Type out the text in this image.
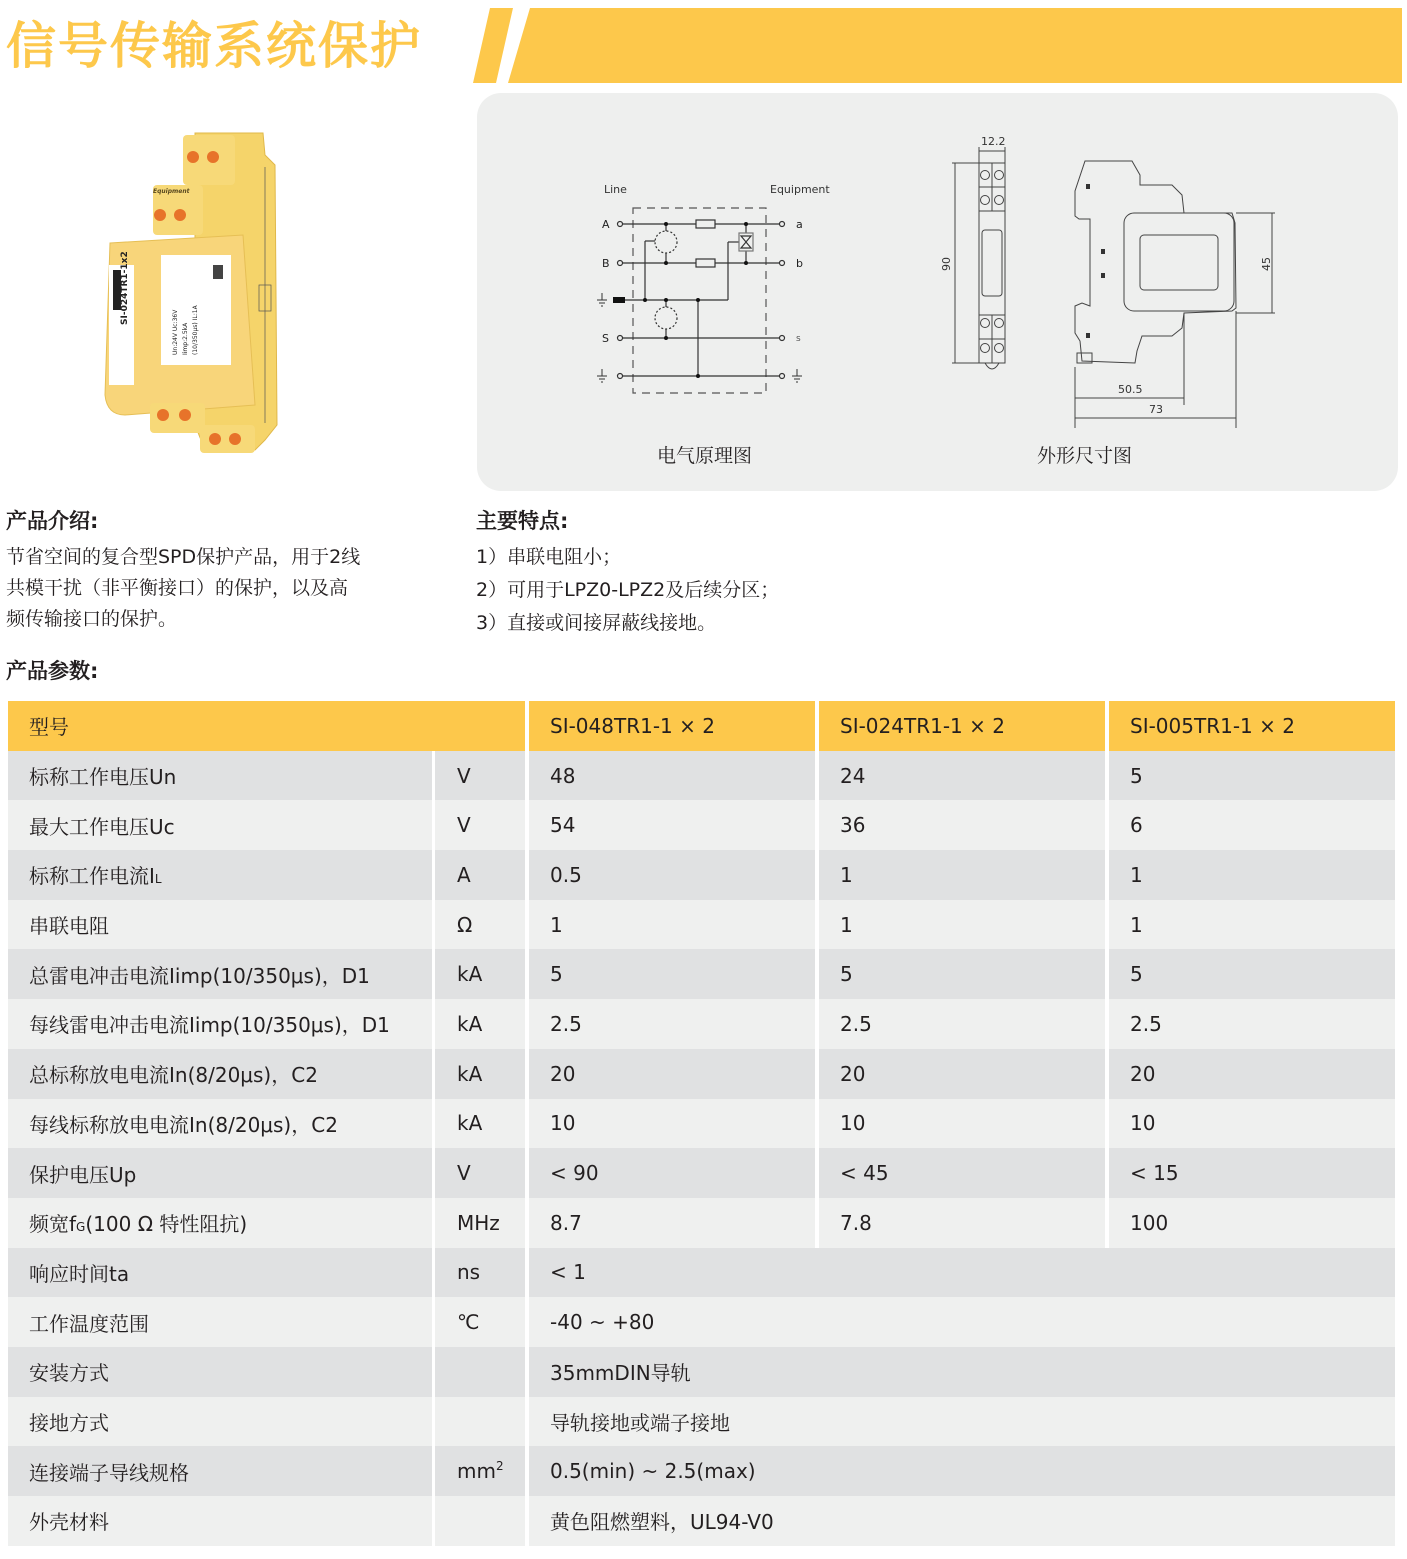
信号传输系统保护
Equipment
SI-024TR1-1x2
Un:24V Uc:36V Iimp:2.5kA (10/350μs) IL:1A
Line	Equipment
A
B
S
a
b
s
12.2
90
50.5
73
45
电气原理图	外形尺寸图
产品介绍:
节省空间的复合型SPD保护产品，用于2线
共模干扰（非平衡接口）的保护，以及高
频传输接口的保护。
主要特点:
1）串联电阻小；
2）可用于LPZ0-LPZ2及后续分区；
3）直接或间接屏蔽线接地。
产品参数:
型号		SI-048TR1-1 × 2	SI-024TR1-1 × 2	SI-005TR1-1 × 2
标称工作电压Un	V	48	24	5
最大工作电压Uc	V	54	36	6
标称工作电流IL	A	0.5	1	1
串联电阻	Ω	1	1	1
总雷电冲击电流Iimp(10/350μs)，D1	kA	5	5	5
每线雷电冲击电流Iimp(10/350μs)，D1	kA	2.5	2.5	2.5
总标称放电电流In(8/20μs)，C2	kA	20	20	20
每线标称放电电流In(8/20μs)，C2	kA	10	10	10
保护电压Up	V	< 90	< 45	< 15
频宽fG(100 Ω 特性阻抗)	MHz	8.7	7.8	100
响应时间ta	ns	< 1		
工作温度范围	℃	-40 ~ +80		
安装方式		35mmDIN导轨		
接地方式		导轨接地或端子接地		
连接端子导线规格	$mm^2$	0.5(min) ~ 2.5(max)		
外壳材料		黄色阻燃塑料，UL94-V0		
